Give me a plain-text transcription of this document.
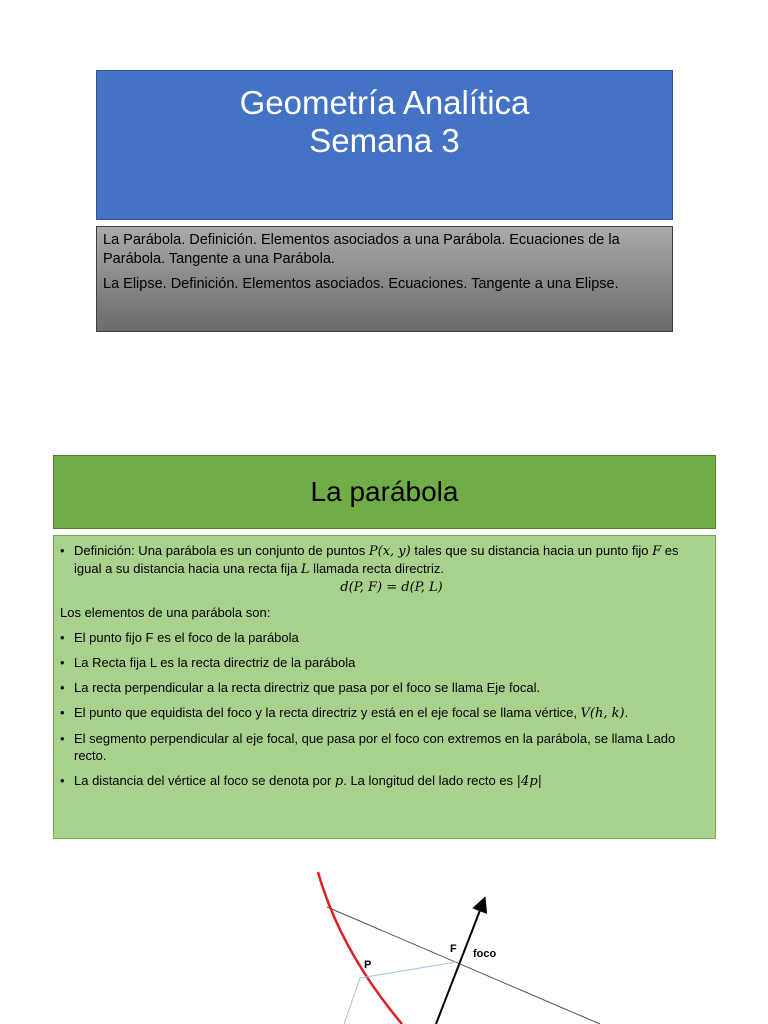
Geometría Analítica
Semana 3

La Parábola. Definición. Elementos asociados a una Parábola. Ecuaciones de la Parábola. Tangente a una Parábola.

La Elipse. Definición. Elementos asociados. Ecuaciones. Tangente a una Elipse.

La parábola
• Definición: Una parábola es un conjunto de puntos P(x, y) tales que su distancia hacia un punto fijo F es igual a su distancia hacia una recta fija L llamada recta directriz.
d(P, F) = d(P, L)
Los elementos de una parábola son:
• El punto fijo F es el foco de la parábola
• La Recta fija L es la recta directriz de la parábola
• La recta perpendicular a la recta directriz que pasa por el foco se llama Eje focal.
• El punto que equidista del foco y la recta directriz y está en el eje focal se llama vértice, V(h, k).
• El segmento perpendicular al eje focal, que pasa por el foco con extremos en la parábola, se llama Lado recto.
• La distancia del vértice al foco se denota por p. La longitud del lado recto es |4p|
P
F foco
